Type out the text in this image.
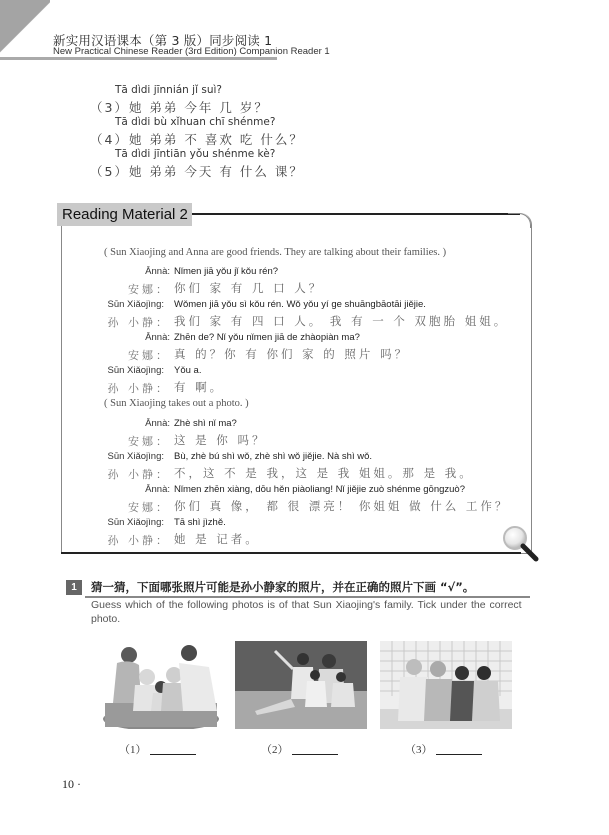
新实用汉语课本（第 3 版）同步阅读 1
New Practical Chinese Reader (3rd Edition) Companion Reader 1
Tā dìdi jīnnián jǐ suì?
（3）她 弟弟 今年 几 岁？
Tā dìdi bù xǐhuan chī shénme?
（4）她 弟弟 不 喜欢 吃 什么？
Tā dìdi jīntiān yǒu shénme kè?
（5）她 弟弟 今天 有 什么 课？
Reading Material 2
( Sun Xiaojing and Anna are good friends. They are talking about their families. )
Ānnà:
安娜：
Nǐmen jiā yǒu jǐ kǒu rén?
你们 家 有 几 口 人？
Sūn Xiǎojìng:
孙 小静：
Wǒmen jiā yǒu sì kǒu rén. Wǒ yǒu yí ge shuāngbāotāi jiějie.
我们 家 有 四 口 人。 我 有 一 个 双胞胎 姐姐。
Ānnà:
安娜：
Zhēn de? Nǐ yǒu nǐmen jiā de zhàopiàn ma?
真 的？你 有 你们 家 的 照片 吗？
Sūn Xiǎojìng:
孙 小静：
Yǒu a.
有 啊。
( Sun Xiaojing takes out a photo. )
Ānnà:
安娜：
Zhè shì nǐ ma?
这 是 你 吗？
Sūn Xiǎojìng:
孙 小静：
Bù, zhè bú shì wǒ, zhè shì wǒ jiějie. Nà shì wǒ.
不，这 不 是 我，这 是 我 姐姐。那 是 我。
Ānnà:
安娜：
Nǐmen zhēn xiàng, dōu hěn piàoliang! Nǐ jiějie zuò shénme gōngzuò?
你们 真 像， 都 很 漂亮！ 你姐姐 做 什么 工作？
Sūn Xiǎojìng:
孙 小静：
Tā shì jìzhě.
她 是 记者。
1	猜一猜，下面哪张照片可能是孙小静家的照片，并在正确的照片下画 “√”。
Guess which of the following photos is of that Sun Xiaojing's family. Tick under the correct photo.
（1）	（2）	（3）
10 ·
